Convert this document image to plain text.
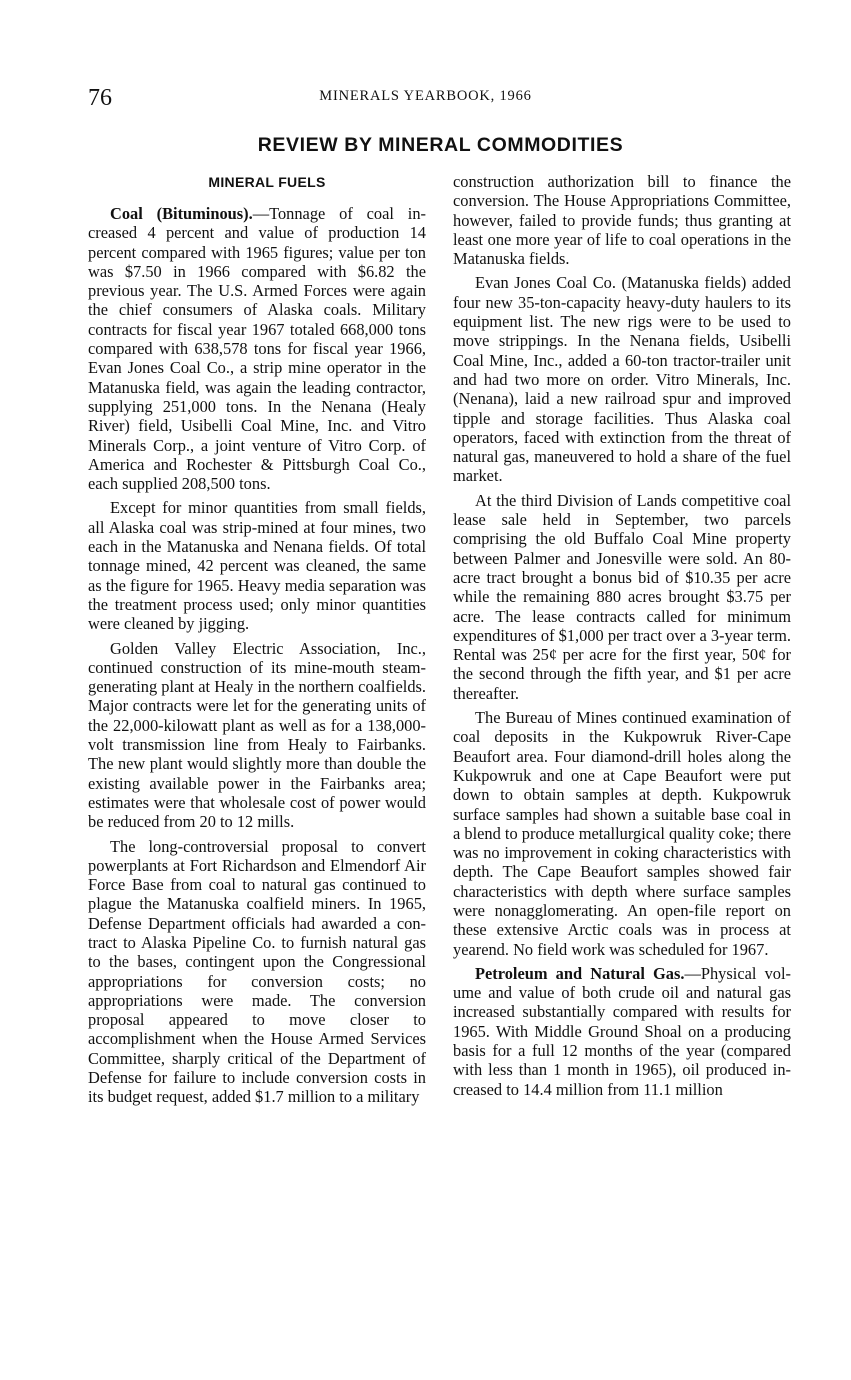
76	MINERALS YEARBOOK, 1966
REVIEW BY MINERAL COMMODITIES
MINERAL FUELS

Coal (Bituminous).—Tonnage of coal increased 4 percent and value of production 14 percent compared with 1965 figures; value per ton was $7.50 in 1966 compared with $6.82 the previous year. The U.S. Armed Forces were again the chief consumers of Alaska coals. Military contracts for fiscal year 1967 totaled 668,000 tons compared with 638,578 tons for fiscal year 1966, Evan Jones Coal Co., a strip mine operator in the Matanuska field, was again the leading contractor, supplying 251,000 tons. In the Nenana (Healy River) field, Usibelli Coal Mine, Inc. and Vitro Minerals Corp., a joint venture of Vitro Corp. of America and Rochester & Pittsburgh Coal Co., each supplied 208,500 tons.

Except for minor quantities from small fields, all Alaska coal was strip-mined at four mines, two each in the Matanuska and Nenana fields. Of total tonnage mined, 42 percent was cleaned, the same as the figure for 1965. Heavy media separation was the treatment process used; only minor quantities were cleaned by jigging.

Golden Valley Electric Association, Inc., continued construction of its mine-mouth steam-generating plant at Healy in the northern coalfields. Major contracts were let for the generating units of the 22,000-kilowatt plant as well as for a 138,000-volt transmission line from Healy to Fairbanks. The new plant would slightly more than double the existing available power in the Fairbanks area; estimates were that wholesale cost of power would be reduced from 20 to 12 mills.

The long-controversial proposal to convert powerplants at Fort Richardson and Elmendorf Air Force Base from coal to natural gas continued to plague the Matanuska coalfield miners. In 1965, Defense Department officials had awarded a contract to Alaska Pipeline Co. to furnish natural gas to the bases, contingent upon the Congressional appropriations for conversion costs; no appropriations were made. The conversion proposal appeared to move closer to accomplishment when the House Armed Services Committee, sharply critical of the Department of Defense for failure to include conversion costs in its budget request, added $1.7 million to a military

construction authorization bill to finance the conversion. The House Appropriations Committee, however, failed to provide funds; thus granting at least one more year of life to coal operations in the Matanuska fields.

Evan Jones Coal Co. (Matanuska fields) added four new 35-ton-capacity heavy-duty haulers to its equipment list. The new rigs were to be used to move strippings. In the Nenana fields, Usibelli Coal Mine, Inc., added a 60-ton tractor-trailer unit and had two more on order. Vitro Minerals, Inc. (Nenana), laid a new railroad spur and improved tipple and storage facilities. Thus Alaska coal operators, faced with extinction from the threat of natural gas, maneuvered to hold a share of the fuel market.

At the third Division of Lands competitive coal lease sale held in September, two parcels comprising the old Buffalo Coal Mine property between Palmer and Jonesville were sold. An 80-acre tract brought a bonus bid of $10.35 per acre while the remaining 880 acres brought $3.75 per acre. The lease contracts called for minimum expenditures of $1,000 per tract over a 3-year term. Rental was 25¢ per acre for the first year, 50¢ for the second through the fifth year, and $1 per acre thereafter.

The Bureau of Mines continued examination of coal deposits in the Kukpowruk River-Cape Beaufort area. Four diamond-drill holes along the Kukpowruk and one at Cape Beaufort were put down to obtain samples at depth. Kukpowruk surface samples had shown a suitable base coal in a blend to produce metallurgical quality coke; there was no improvement in coking characteristics with depth. The Cape Beaufort samples showed fair characteristics with depth where surface samples were nonagglomerating. An open-file report on these extensive Arctic coals was in process at yearend. No field work was scheduled for 1967.

Petroleum and Natural Gas.—Physical volume and value of both crude oil and natural gas increased substantially compared with results for 1965. With Middle Ground Shoal on a producing basis for a full 12 months of the year (compared with less than 1 month in 1965), oil produced increased to 14.4 million from 11.1 million
